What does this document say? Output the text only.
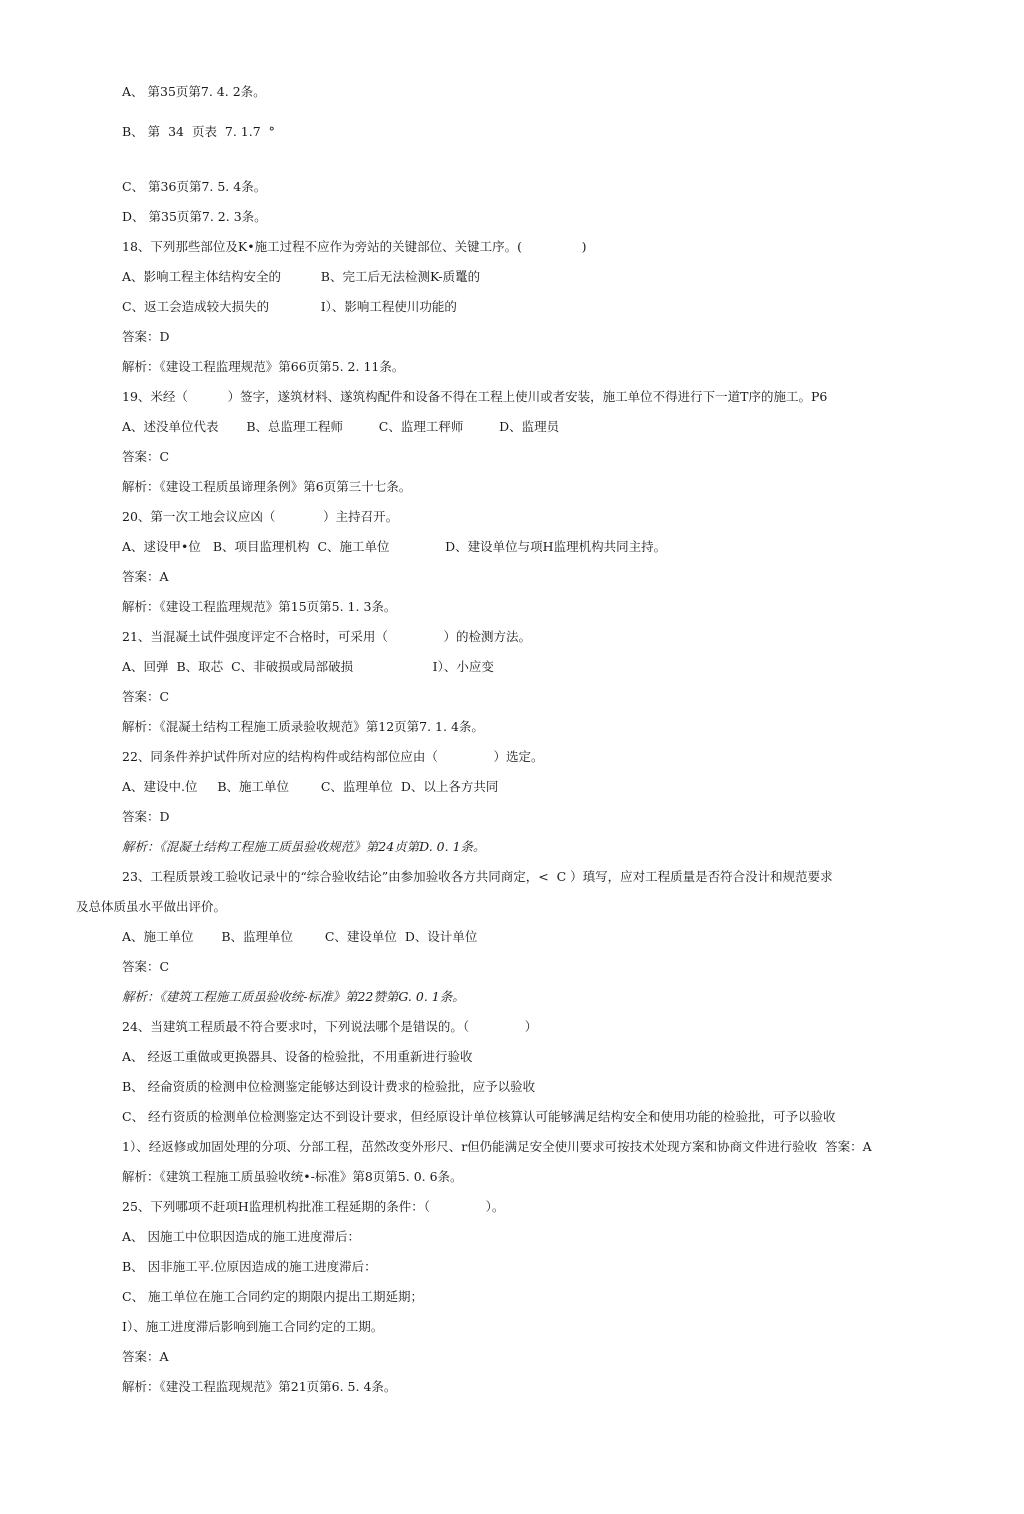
A、 第35页第7. 4. 2条。
B、 第  34  页表  7. 1.7  °
C、 第36页第7. 5. 4条。
D、 第35页第7. 2. 3条。
18、下列那些部位及K•施工过程不应作为旁站的关键部位、关键工序。(               )
A、影响工程主体结构安全的          B、完工后无法检测K-质鼍的
C、返工会造成较大损失的             I）、影响工程使川功能的
答案：D
解析：《建设工程监理规范》第66页第5. 2. 11条。
19、米经（          ）签字，遂筑材料、遂筑构配件和设备不得在工程上使川或者安装，施工单位不得进行下一道T序的施工。P6
A、述没单位代表       B、总监理工程师         C、监理工秤师         D、监理员
答案：C
解析：《建设工程质虽谛理条例》第6页第三十七条。
20、第一次工地会议应凶（            ）主持召开。
A、逑设甲•位   B、项目监理机构  C、施工单位              D、建设单位与项H监理机构共同主持。
答案：A
解析：《建设工程监理规范》第15页第5. 1. 3条。
21、当混凝土试件强度评定不合格时，可采用（              ）的检测方法。
A、回弹  B、取芯  C、非破损或局部破损                    I）、小应变
答案：C
解析：《混凝土结构工程施工质录验收规范》第12页第7. 1. 4条。
22、同条件养护试件所对应的结构构件或结构部位应由（              ）选定。
A、建设中.位     B、施工单位        C、监理单位  D、以上各方共同
答案：D
解析：《混凝土结构工程施工质虽验收规范》第24贞第D. 0. 1条。
23、工程质景竣工验收记录屮的“综合验收结论”由参加验收各方共同商定，<  C ）瑱写，应对工程质量是否符合没计和规范要求
及总体质虽水平做出评价。
A、施工单位       B、监理单位        C、建设单位  D、设计单位
答案：C
解析：《建筑工程施工质虽验收统-标准》第22赞第G. 0. 1条。
24、当建筑工程质最不符合要求吋，下列说法哪个是错误的。（              ）
A、 经返工重做或更换器具、设备的检验批，不用重新进行验收
B、 经侖资质的检测申位检测鉴定能够达到设计费求的检验批，应予以验收
C、 经冇资质的检测单位检测鉴定达不到设计要求，但经原设计单位核算认可能够满足结构安全和使用功能的检验批，可予以验收
1）、经返修或加固处理的分项、分部工程，茁然改变外形尺、r但仍能满足安全使川要求可按技术处现方案和协商文件进行验收  答案：A
解析：《建筑工程施工质虽验收统•-标准》第8页第5. 0. 6条。
25、下列哪项不赶项H监理机构批准工程延期的条件：（              ）。
A、 因施工中位职因造成的施工进度滞后：
B、 因非施工平.位原因造成的施工进度滞后：
C、 施工单位在施工合同约定的期限内提出工期延期；
I）、施工进度滞后影响到施工合同约定的工期。
答案：A
解析：《建没工程监现规范》第21页第6. 5. 4条。
